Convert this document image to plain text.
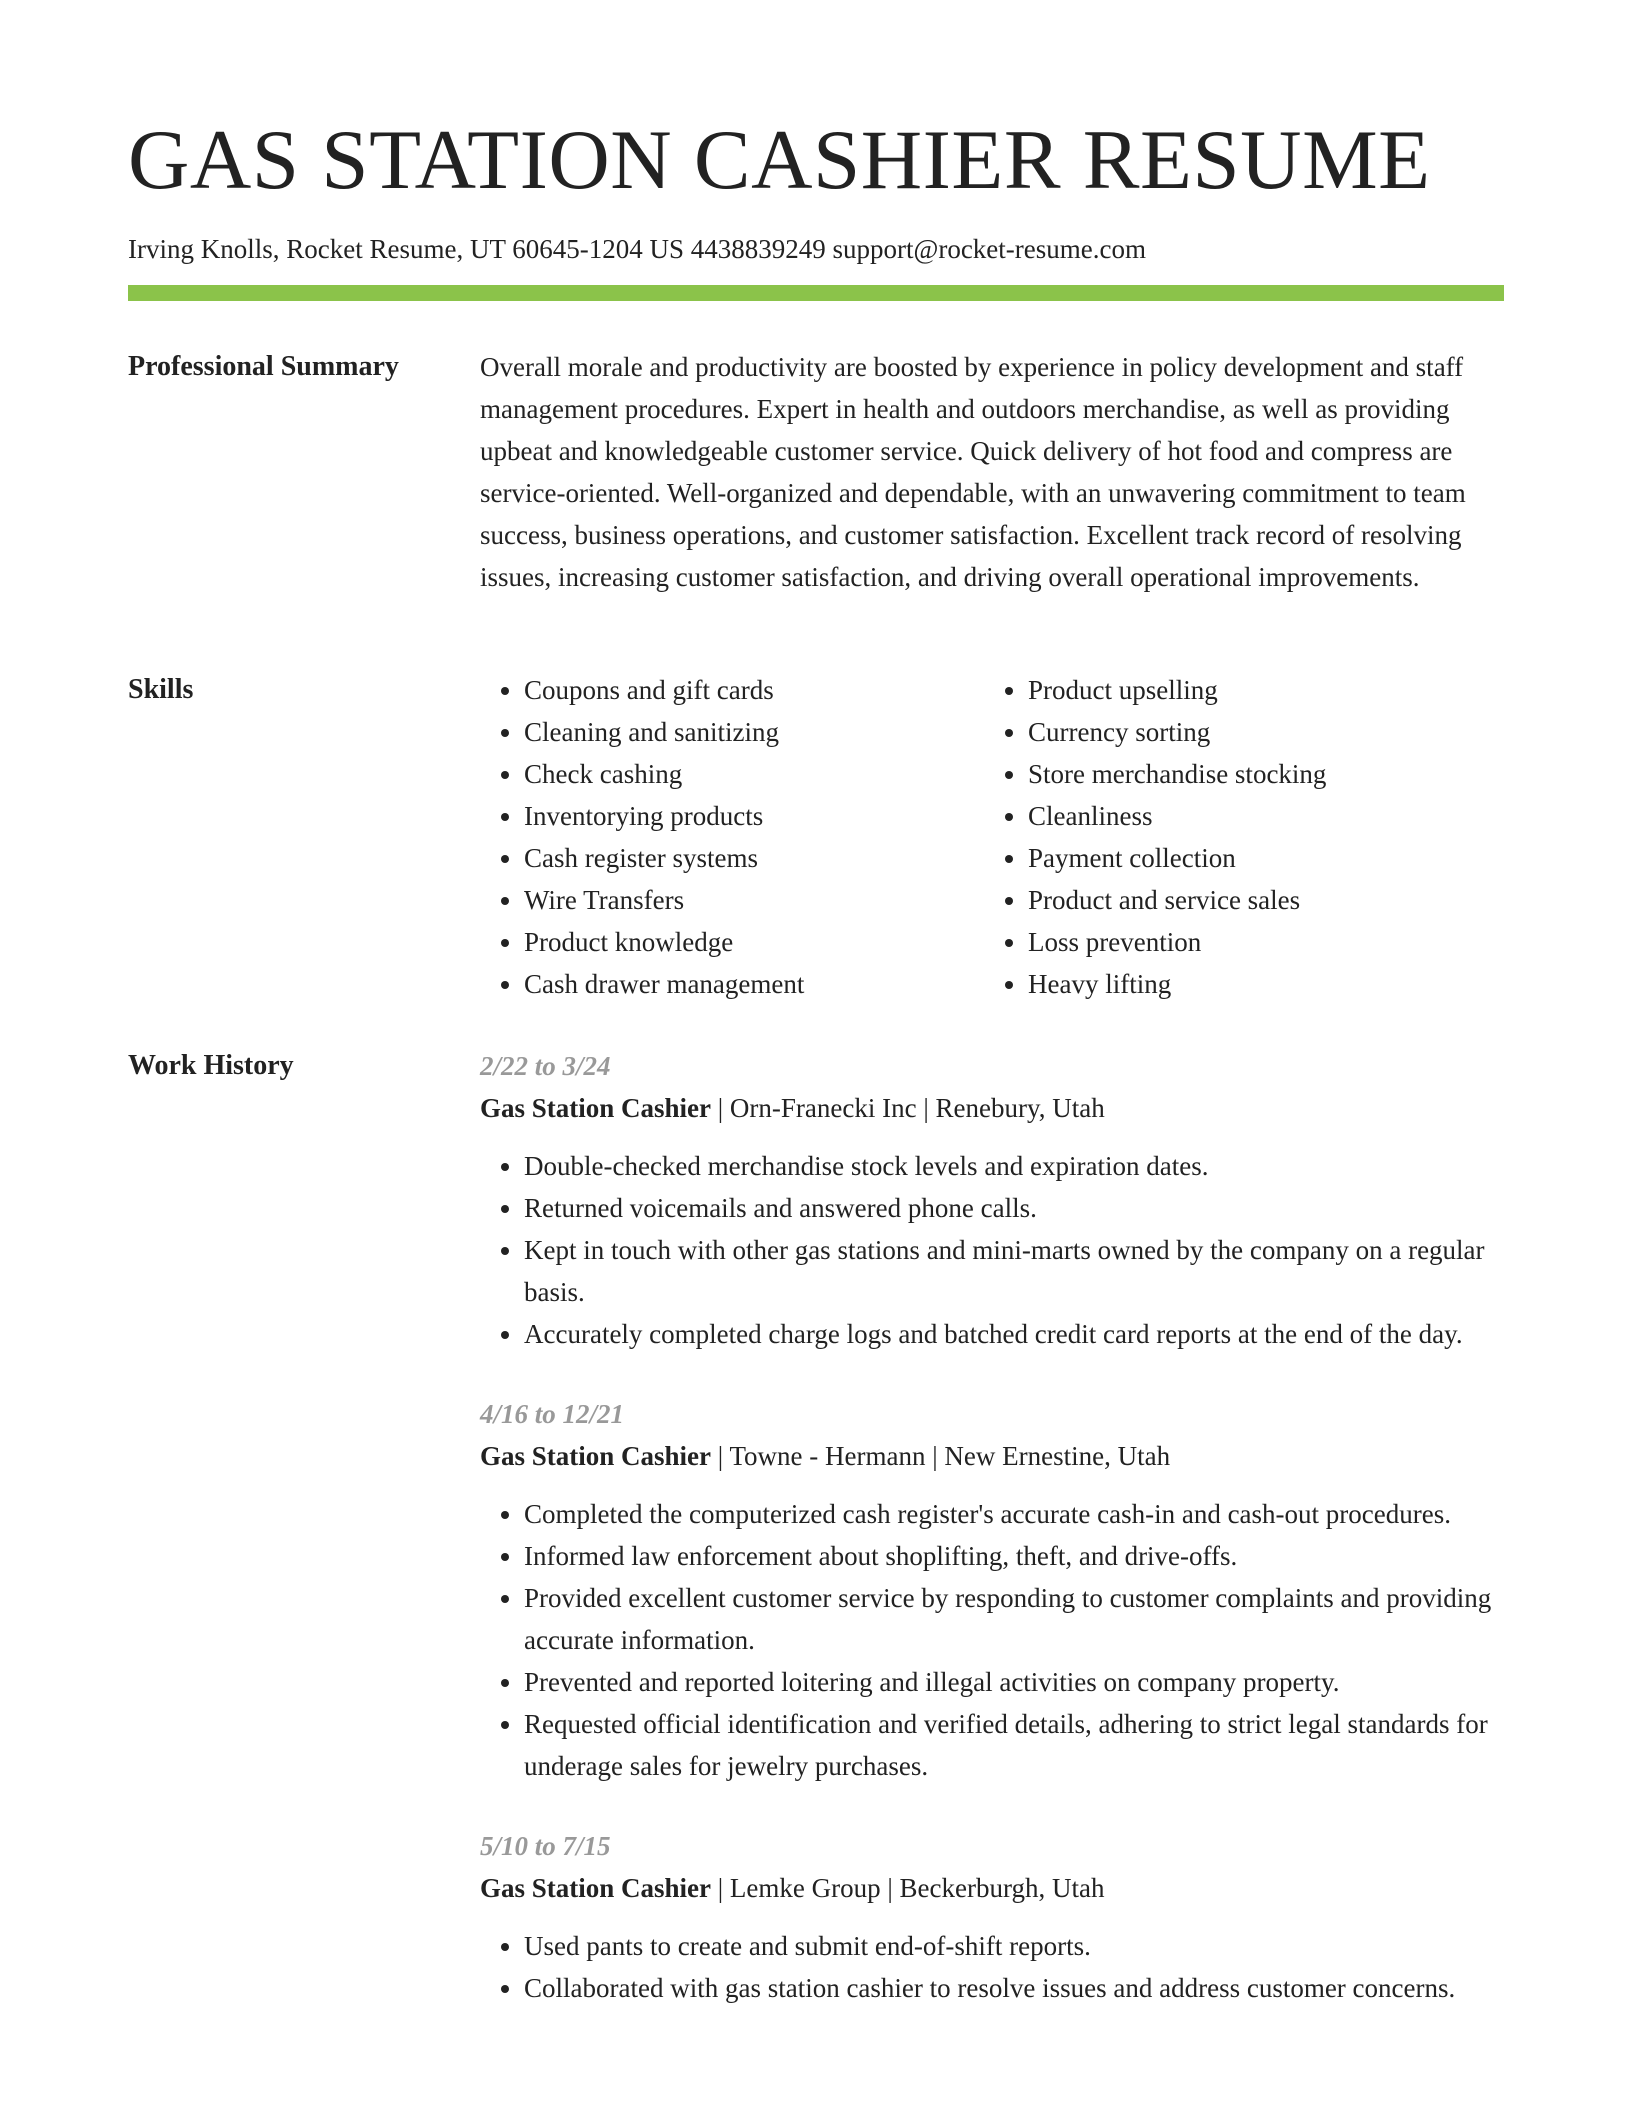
GAS STATION CASHIER RESUME
Irving Knolls, Rocket Resume, UT 60645-1204 US 4438839249 support@rocket-resume.com
Professional Summary	Overall morale and productivity are boosted by experience in policy development and staff management procedures. Expert in health and outdoors merchandise, as well as providing upbeat and knowledgeable customer service. Quick delivery of hot food and compress are service-oriented. Well-organized and dependable, with an unwavering commitment to team success, business operations, and customer satisfaction. Excellent track record of resolving issues, increasing customer satisfaction, and driving overall operational improvements.

Skills
•	Coupons and gift cards
• Cleaning and sanitizing
• Check cashing
• Inventorying products
• Cash register systems
• Wire Transfers
• Product knowledge
• Cash drawer management
• Product upselling
• Currency sorting
• Store merchandise stocking
• Cleanliness
• Payment collection
• Product and service sales
• Loss prevention
• Heavy lifting
Work History	2/22 to 3/24
Gas Station Cashier | Orn-Franecki Inc | Renebury, Utah
• Double-checked merchandise stock levels and expiration dates.
• Returned voicemails and answered phone calls.
• Kept in touch with other gas stations and mini-marts owned by the company on a regular basis.
• Accurately completed charge logs and batched credit card reports at the end of the day.
4/16 to 12/21
Gas Station Cashier | Towne - Hermann | New Ernestine, Utah
• Completed the computerized cash register's accurate cash-in and cash-out procedures.
• Informed law enforcement about shoplifting, theft, and drive-offs.
• Provided excellent customer service by responding to customer complaints and providing accurate information.
• Prevented and reported loitering and illegal activities on company property.
• Requested official identification and verified details, adhering to strict legal standards for underage sales for jewelry purchases.
5/10 to 7/15
Gas Station Cashier | Lemke Group | Beckerburgh, Utah
• Used pants to create and submit end-of-shift reports.
• Collaborated with gas station cashier to resolve issues and address customer concerns.
